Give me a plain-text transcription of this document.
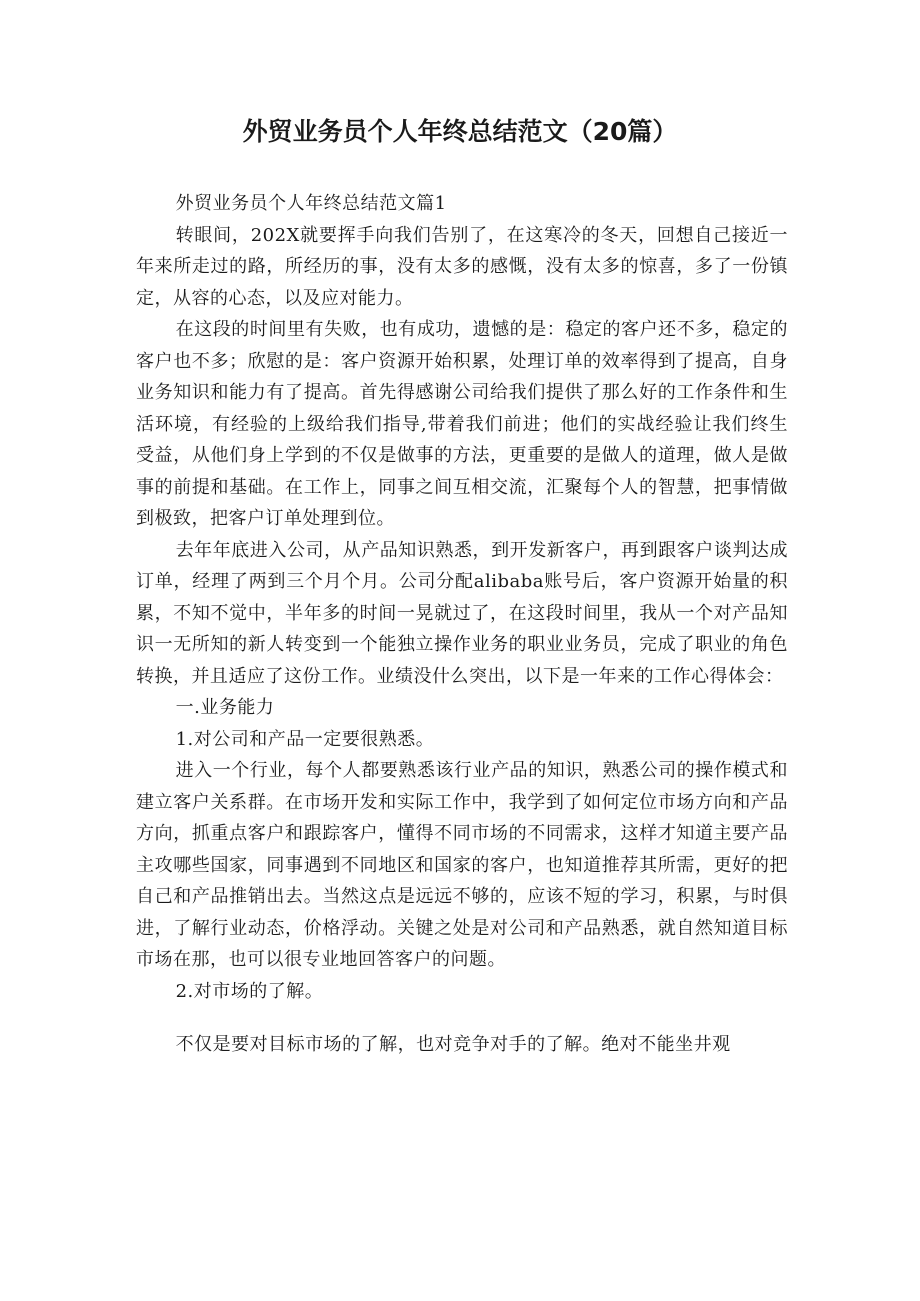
外贸业务员个人年终总结范文（20篇）

外贸业务员个人年终总结范文篇1

转眼间，202X就要挥手向我们告别了，在这寒冷的冬天，回想自己接近一年来所走过的路，所经历的事，没有太多的感慨，没有太多的惊喜，多了一份镇定，从容的心态，以及应对能力。

在这段的时间里有失败，也有成功，遗憾的是：稳定的客户还不多，稳定的客户也不多；欣慰的是：客户资源开始积累，处理订单的效率得到了提高，自身业务知识和能力有了提高。首先得感谢公司给我们提供了那么好的工作条件和生活环境，有经验的上级给我们指导,带着我们前进；他们的实战经验让我们终生受益，从他们身上学到的不仅是做事的方法，更重要的是做人的道理，做人是做事的前提和基础。在工作上，同事之间互相交流，汇聚每个人的智慧，把事情做到极致，把客户订单处理到位。

去年年底进入公司，从产品知识熟悉，到开发新客户，再到跟客户谈判达成订单，经理了两到三个月个月。公司分配alibaba账号后，客户资源开始量的积累，不知不觉中，半年多的时间一晃就过了，在这段时间里，我从一个对产品知识一无所知的新人转变到一个能独立操作业务的职业业务员，完成了职业的角色转换，并且适应了这份工作。业绩没什么突出，以下是一年来的工作心得体会：

一.业务能力

1.对公司和产品一定要很熟悉。

进入一个行业，每个人都要熟悉该行业产品的知识，熟悉公司的操作模式和建立客户关系群。在市场开发和实际工作中，我学到了如何定位市场方向和产品方向，抓重点客户和跟踪客户，懂得不同市场的不同需求，这样才知道主要产品主攻哪些国家，同事遇到不同地区和国家的客户，也知道推荐其所需，更好的把自己和产品推销出去。当然这点是远远不够的，应该不短的学习，积累，与时俱进，了解行业动态，价格浮动。关键之处是对公司和产品熟悉，就自然知道目标市场在那，也可以很专业地回答客户的问题。

2.对市场的了解。

不仅是要对目标市场的了解，也对竞争对手的了解。绝对不能坐井观
